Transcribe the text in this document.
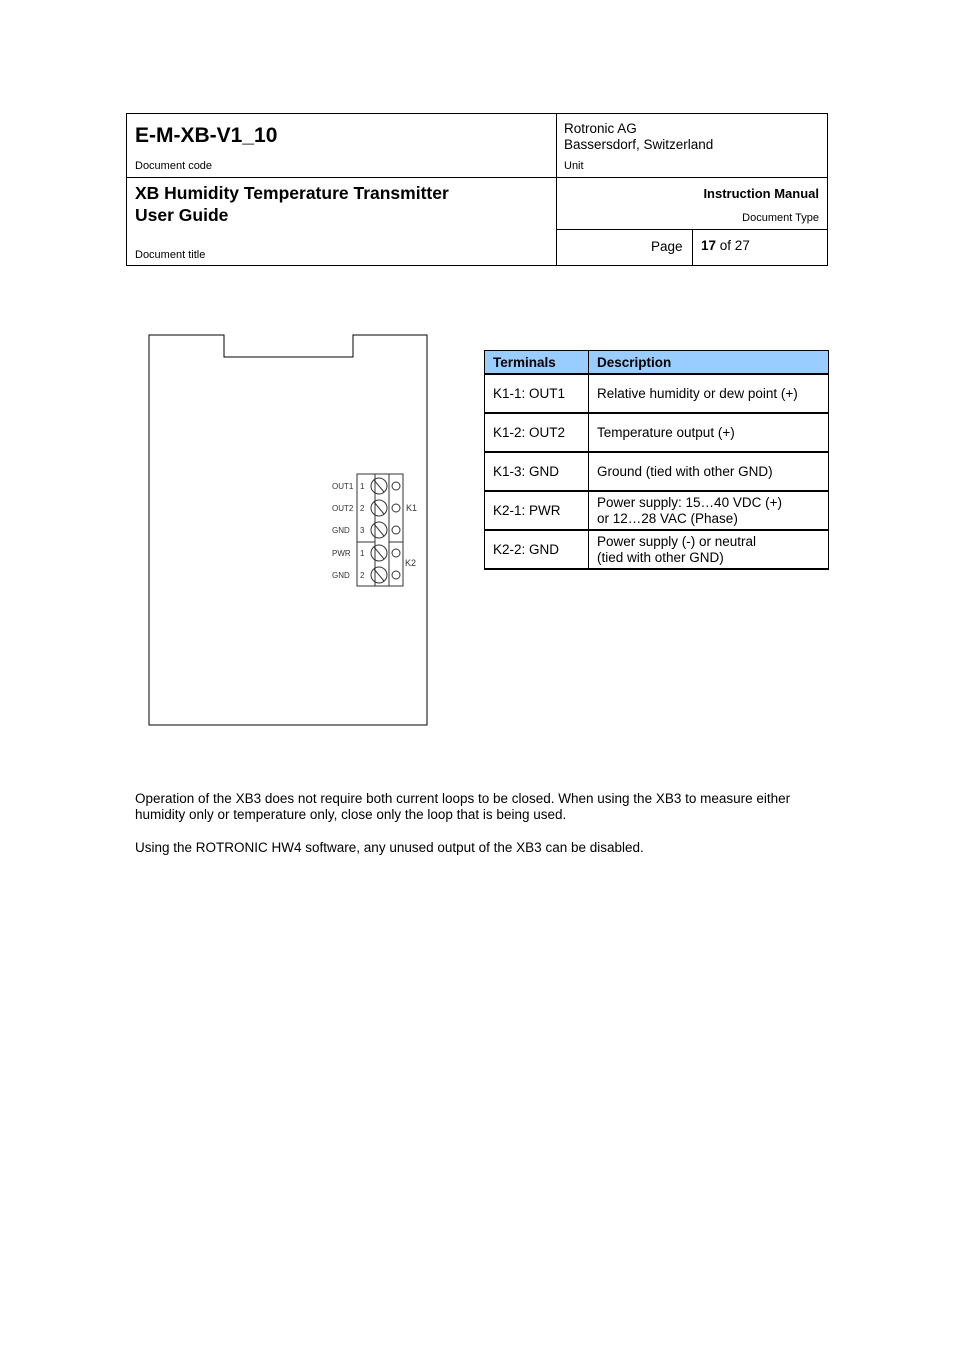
E-M-XB-V1_10
Document code
Rotronic AG
Bassersdorf, Switzerland
Unit
XB Humidity Temperature Transmitter
User Guide
Document title
Instruction Manual
Document Type
Page 17 of 27
OUT1 1
OUT2 2
GND 3
PWR 1
GND 2
K1
K2
Terminals	Description
K1-1: OUT1	Relative humidity or dew point (+)
K1-2: OUT2	Temperature output (+)
K1-3: GND	Ground (tied with other GND)
K2-1: PWR	Power supply: 15…40 VDC (+)
or 12…28 VAC (Phase)

K2-2: GND	Power supply (-) or neutral
(tied with other GND)
Operation of the XB3 does not require both current loops to be closed. When using the XB3 to measure either humidity only or temperature only, close only the loop that is being used.
Using the ROTRONIC HW4 software, any unused output of the XB3 can be disabled.
